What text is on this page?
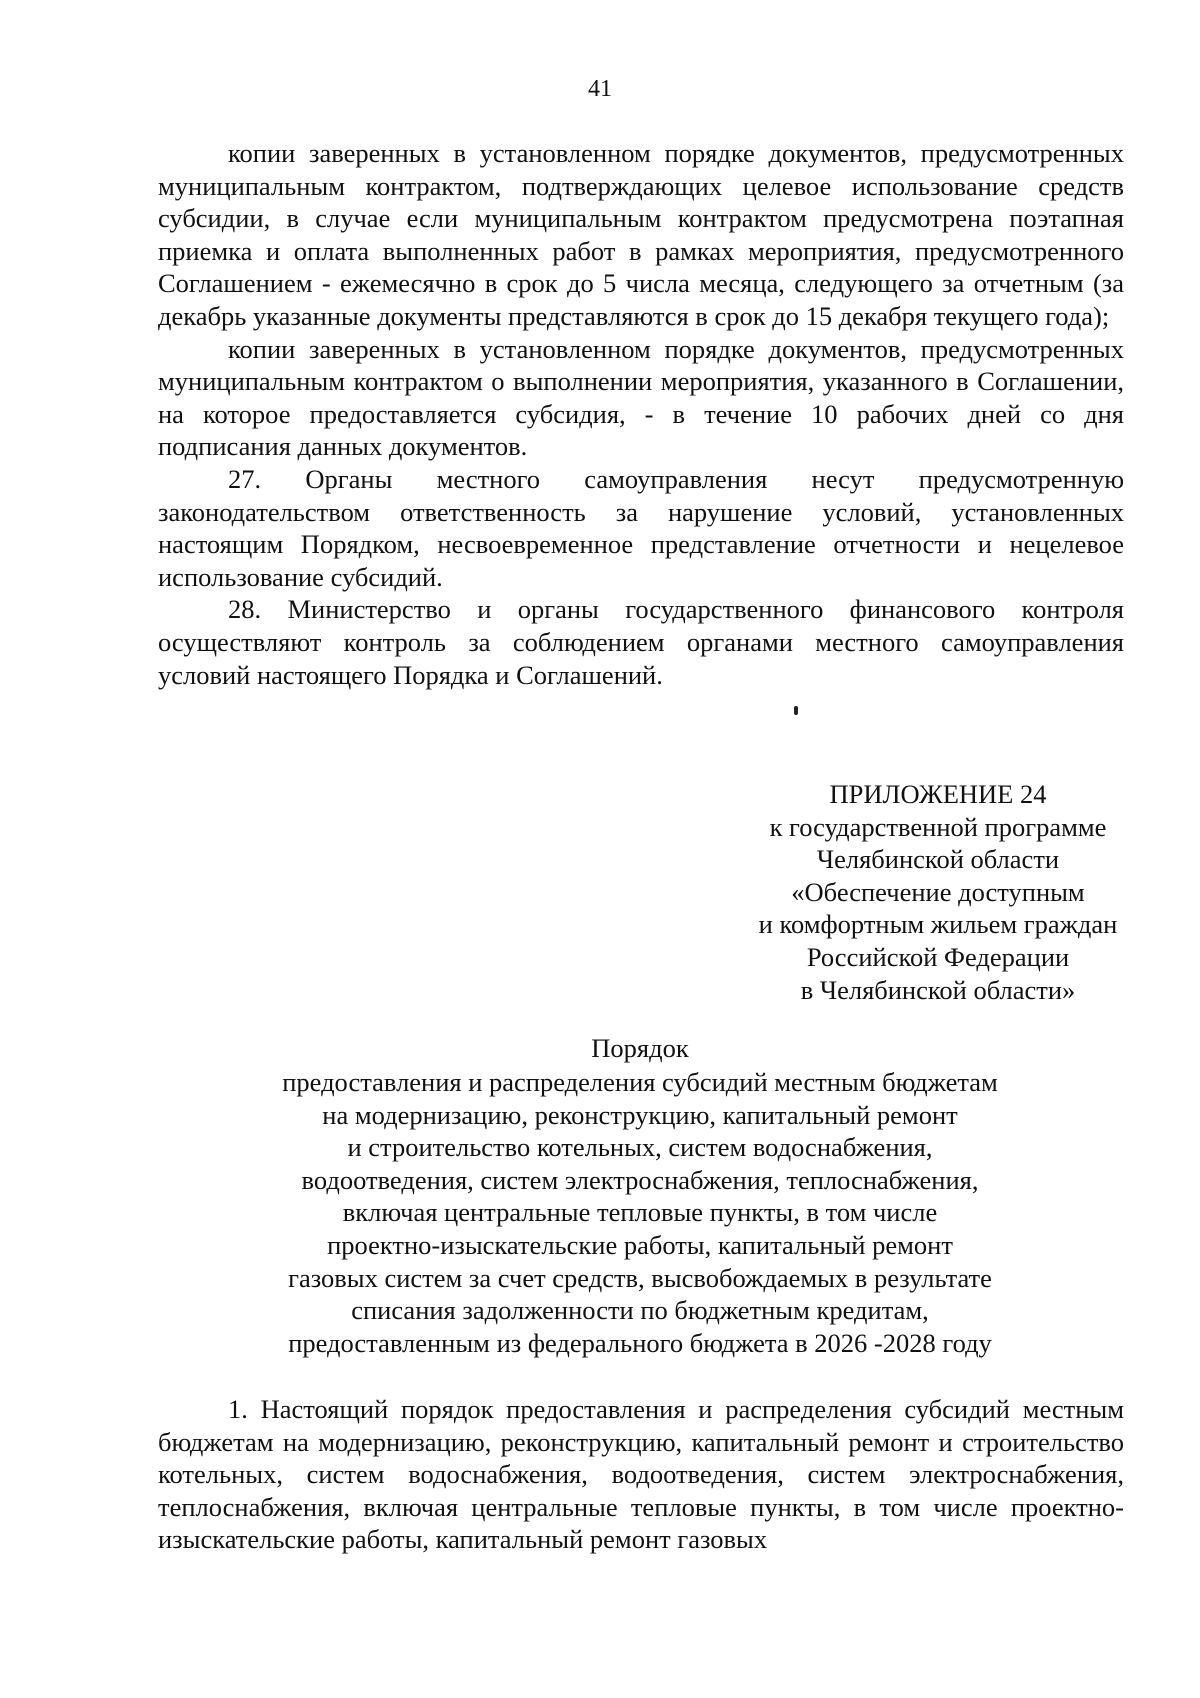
41

копии заверенных в установленном порядке документов, предусмотренных муниципальным контрактом, подтверждающих целевое использование средств субсидии, в случае если муниципальным контрактом предусмотрена поэтапная приемка и оплата выполненных работ в рамках мероприятия, предусмотренного Соглашением - ежемесячно в срок до 5 числа месяца, следующего за отчетным (за декабрь указанные документы представляются в срок до 15 декабря текущего года);

копии заверенных в установленном порядке документов, предусмотренных муниципальным контрактом о выполнении мероприятия, указанного в Соглашении, на которое предоставляется субсидия, - в течение 10 рабочих дней со дня подписания данных документов.

27. Органы местного самоуправления несут предусмотренную законодательством ответственность за нарушение условий, установленных настоящим Порядком, несвоевременное представление отчетности и нецелевое использование субсидий.

28. Министерство и органы государственного финансового контроля осуществляют контроль за соблюдением органами местного самоуправления условий настоящего Порядка и Соглашений.

ПРИЛОЖЕНИЕ 24
к государственной программе
Челябинской области
«Обеспечение доступным
и комфортным жильем граждан
Российской Федерации
в Челябинской области»
Порядок
предоставления и распределения субсидий местным бюджетам
на модернизацию, реконструкцию, капитальный ремонт
и строительство котельных, систем водоснабжения,
водоотведения, систем электроснабжения, теплоснабжения,
включая центральные тепловые пункты, в том числе
проектно-изыскательские работы, капитальный ремонт
газовых систем за счет средств, высвобождаемых в результате
списания задолженности по бюджетным кредитам,
предоставленным из федерального бюджета в 2026 -2028 году

1. Настоящий порядок предоставления и распределения субсидий местным бюджетам на модернизацию, реконструкцию, капитальный ремонт и строительство котельных, систем водоснабжения, водоотведения, систем электроснабжения, теплоснабжения, включая центральные тепловые пункты, в том числе проектно-изыскательские работы, капитальный ремонт газовых
